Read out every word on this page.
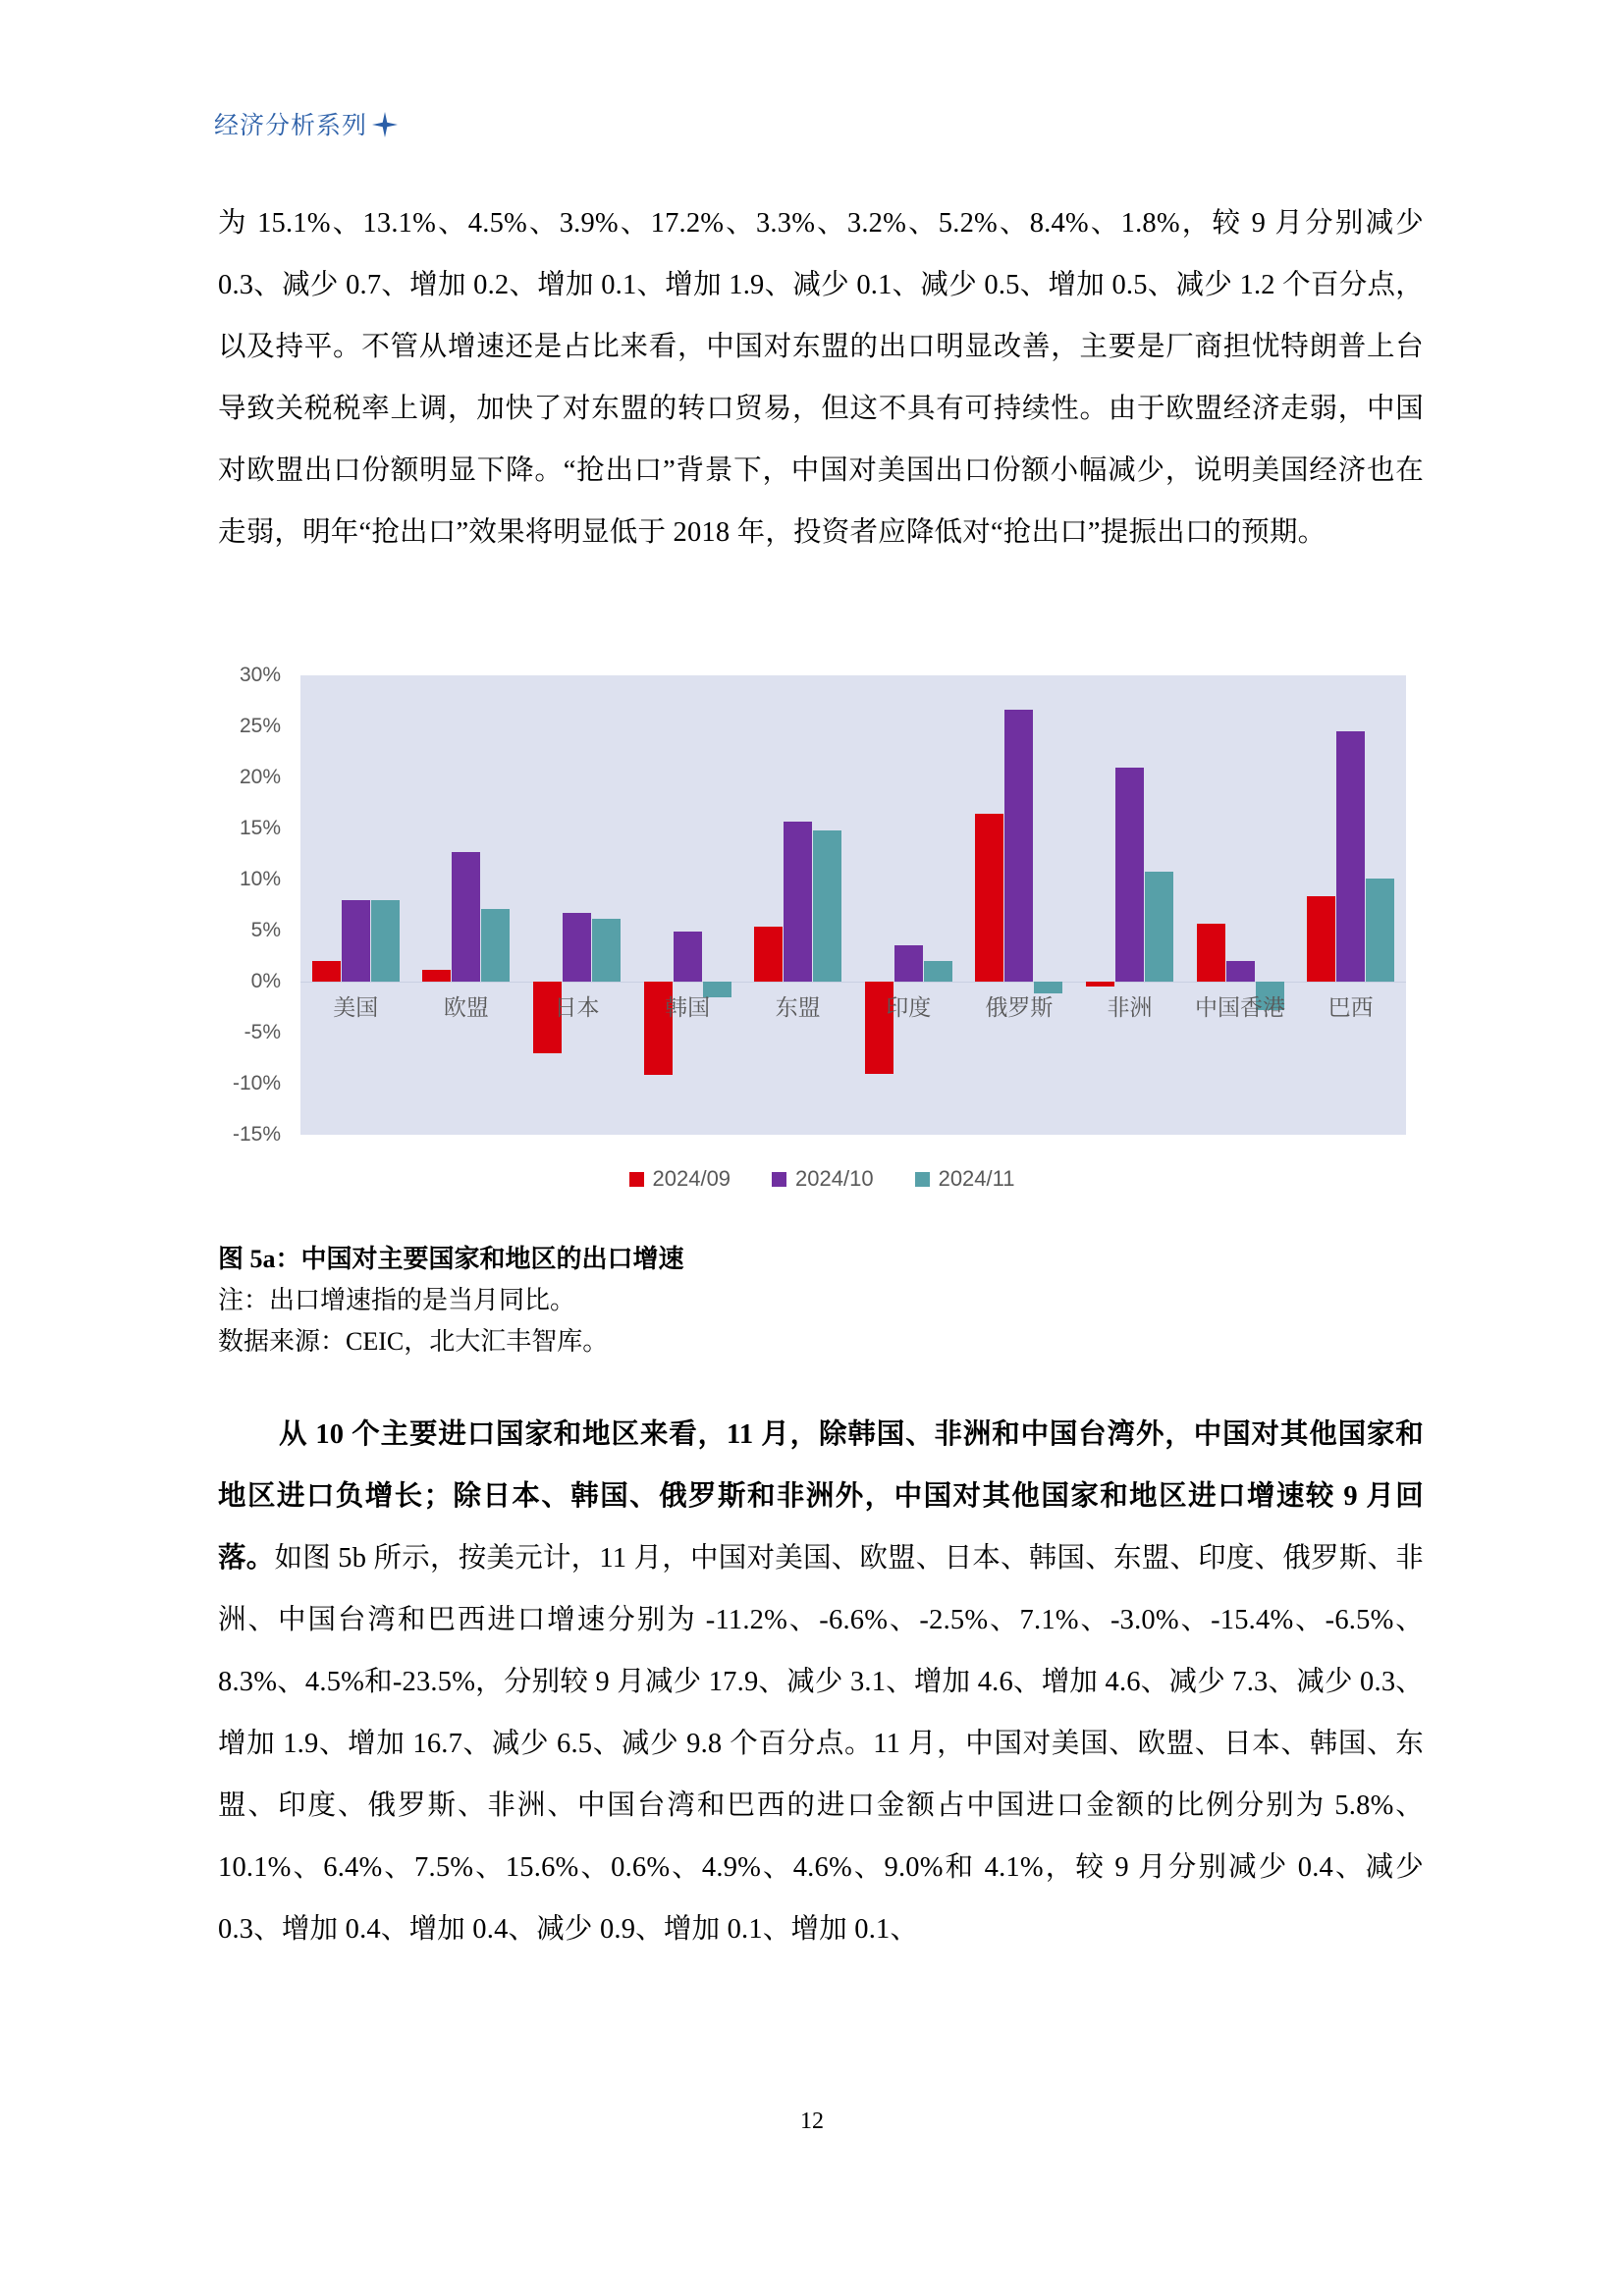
经济分析系列

为 15.1%、13.1%、4.5%、3.9%、17.2%、3.3%、3.2%、5.2%、8.4%、1.8%，较 9 月分别减少 0.3、减少 0.7、增加 0.2、增加 0.1、增加 1.9、减少 0.1、减少 0.5、增加 0.5、减少 1.2 个百分点，以及持平。不管从增速还是占比来看，中国对东盟的出口明显改善，主要是厂商担忧特朗普上台导致关税税率上调，加快了对东盟的转口贸易，但这不具有可持续性。由于欧盟经济走弱，中国对欧盟出口份额明显下降。“抢出口”背景下，中国对美国出口份额小幅减少，说明美国经济也在走弱，明年“抢出口”效果将明显低于 2018 年，投资者应降低对“抢出口”提振出口的预期。

30%
25%
20%
15%
10%
5%
0%
-5%
-10%
-15%
美国	欧盟	日本	韩国	东盟	印度	俄罗斯	非洲	中国香港	巴西
2024/09	2024/10	2024/11

图 5a：中国对主要国家和地区的出口增速

注：出口增速指的是当月同比。

数据来源：CEIC，北大汇丰智库。

从 10 个主要进口国家和地区来看，11 月，除韩国、非洲和中国台湾外，中国对其他国家和地区进口负增长；除日本、韩国、俄罗斯和非洲外，中国对其他国家和地区进口增速较 9 月回落。如图 5b 所示，按美元计，11 月，中国对美国、欧盟、日本、韩国、东盟、印度、俄罗斯、非洲、中国台湾和巴西进口增速分别为 -11.2%、-6.6%、-2.5%、7.1%、-3.0%、-15.4%、-6.5%、8.3%、4.5%和-23.5%，分别较 9 月减少 17.9、减少 3.1、增加 4.6、增加 4.6、减少 7.3、减少 0.3、增加 1.9、增加 16.7、减少 6.5、减少 9.8 个百分点。11 月，中国对美国、欧盟、日本、韩国、东盟、印度、俄罗斯、非洲、中国台湾和巴西的进口金额占中国进口金额的比例分别为 5.8%、10.1%、6.4%、7.5%、15.6%、0.6%、4.9%、4.6%、9.0%和 4.1%，较 9 月分别减少 0.4、减少 0.3、增加 0.4、增加 0.4、减少 0.9、增加 0.1、增加 0.1、

12
